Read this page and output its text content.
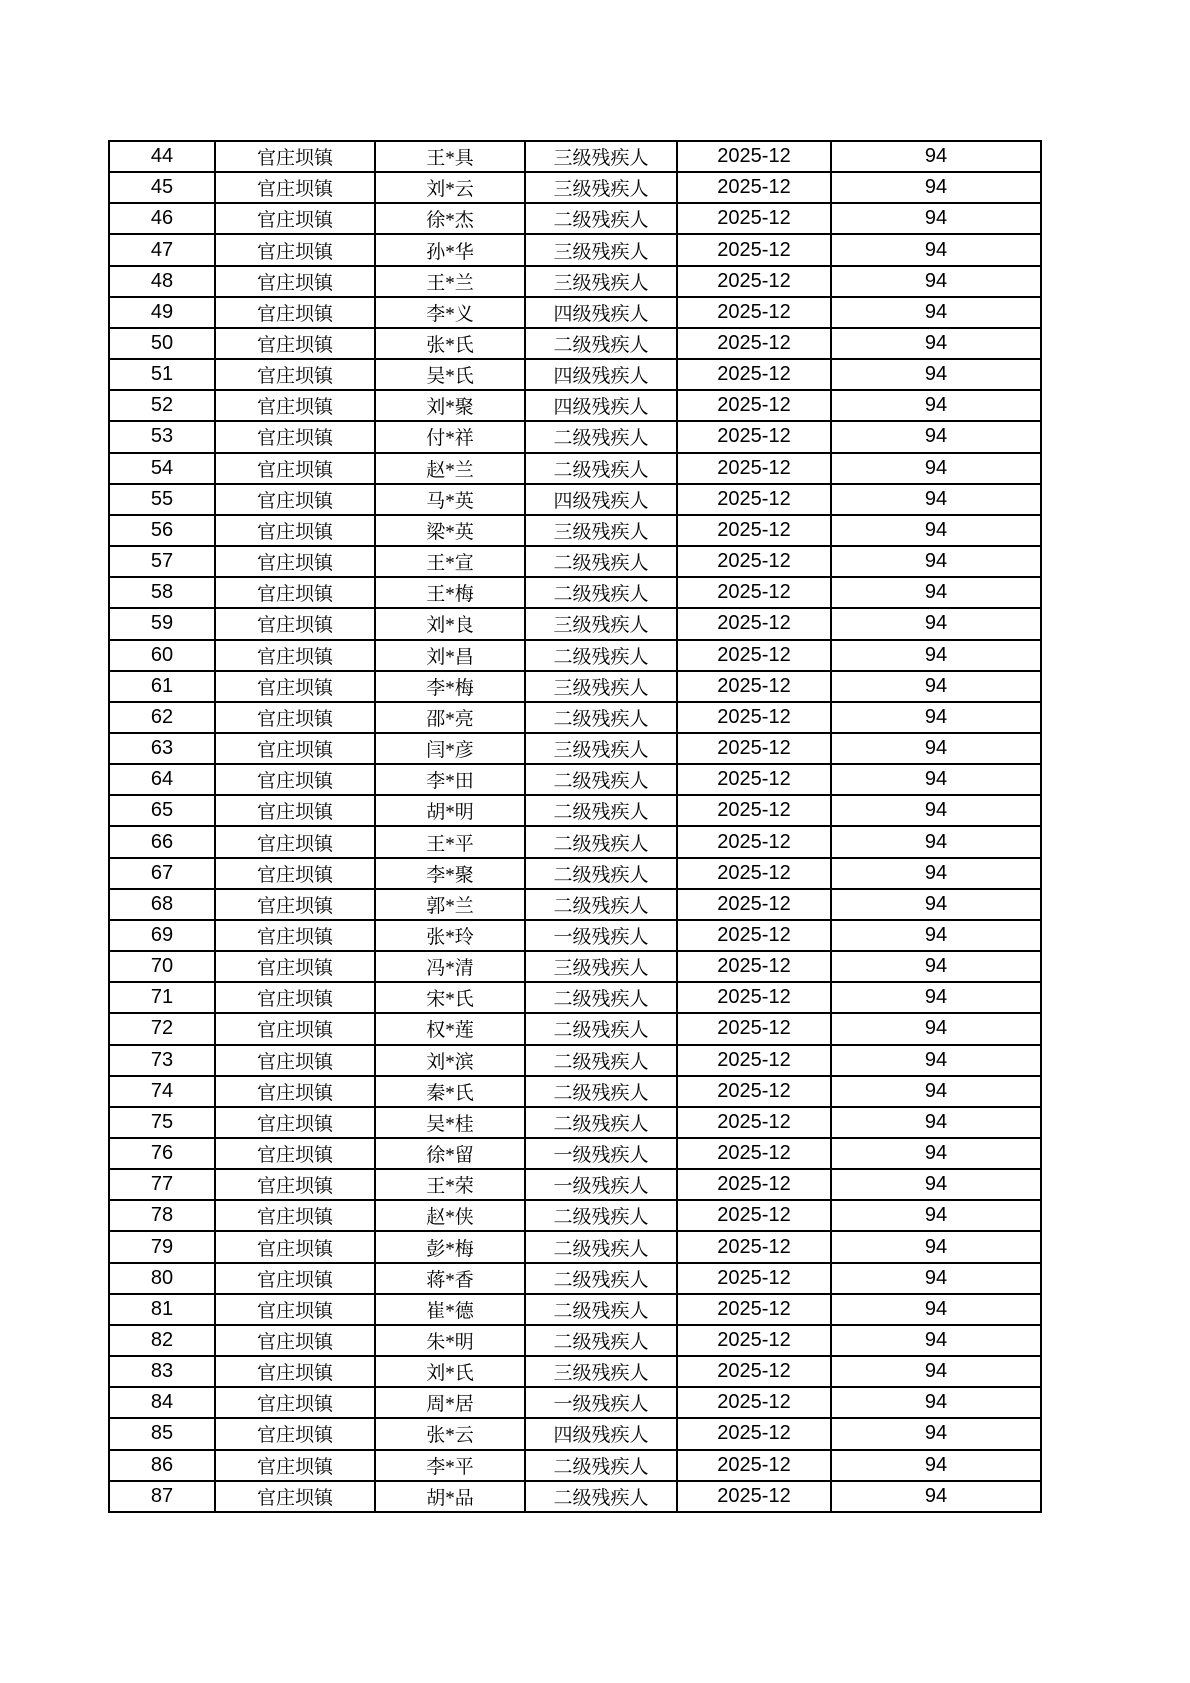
44	官庄坝镇	王*具	三级残疾人	2025-12	94
45	官庄坝镇	刘*云	三级残疾人	2025-12	94
46	官庄坝镇	徐*杰	二级残疾人	2025-12	94
47	官庄坝镇	孙*华	三级残疾人	2025-12	94
48	官庄坝镇	王*兰	三级残疾人	2025-12	94
49	官庄坝镇	李*义	四级残疾人	2025-12	94
50	官庄坝镇	张*氏	二级残疾人	2025-12	94
51	官庄坝镇	吴*氏	四级残疾人	2025-12	94
52	官庄坝镇	刘*聚	四级残疾人	2025-12	94
53	官庄坝镇	付*祥	二级残疾人	2025-12	94
54	官庄坝镇	赵*兰	二级残疾人	2025-12	94
55	官庄坝镇	马*英	四级残疾人	2025-12	94
56	官庄坝镇	梁*英	三级残疾人	2025-12	94
57	官庄坝镇	王*宣	二级残疾人	2025-12	94
58	官庄坝镇	王*梅	二级残疾人	2025-12	94
59	官庄坝镇	刘*良	三级残疾人	2025-12	94
60	官庄坝镇	刘*昌	二级残疾人	2025-12	94
61	官庄坝镇	李*梅	三级残疾人	2025-12	94
62	官庄坝镇	邵*亮	二级残疾人	2025-12	94
63	官庄坝镇	闫*彦	三级残疾人	2025-12	94
64	官庄坝镇	李*田	二级残疾人	2025-12	94
65	官庄坝镇	胡*明	二级残疾人	2025-12	94
66	官庄坝镇	王*平	二级残疾人	2025-12	94
67	官庄坝镇	李*聚	二级残疾人	2025-12	94
68	官庄坝镇	郭*兰	二级残疾人	2025-12	94
69	官庄坝镇	张*玲	一级残疾人	2025-12	94
70	官庄坝镇	冯*清	三级残疾人	2025-12	94
71	官庄坝镇	宋*氏	二级残疾人	2025-12	94
72	官庄坝镇	权*莲	二级残疾人	2025-12	94
73	官庄坝镇	刘*滨	二级残疾人	2025-12	94
74	官庄坝镇	秦*氏	二级残疾人	2025-12	94
75	官庄坝镇	吴*桂	二级残疾人	2025-12	94
76	官庄坝镇	徐*留	一级残疾人	2025-12	94
77	官庄坝镇	王*荣	一级残疾人	2025-12	94
78	官庄坝镇	赵*侠	二级残疾人	2025-12	94
79	官庄坝镇	彭*梅	二级残疾人	2025-12	94
80	官庄坝镇	蒋*香	二级残疾人	2025-12	94
81	官庄坝镇	崔*德	二级残疾人	2025-12	94
82	官庄坝镇	朱*明	二级残疾人	2025-12	94
83	官庄坝镇	刘*氏	三级残疾人	2025-12	94
84	官庄坝镇	周*居	一级残疾人	2025-12	94
85	官庄坝镇	张*云	四级残疾人	2025-12	94
86	官庄坝镇	李*平	二级残疾人	2025-12	94
87	官庄坝镇	胡*品	二级残疾人	2025-12	94
